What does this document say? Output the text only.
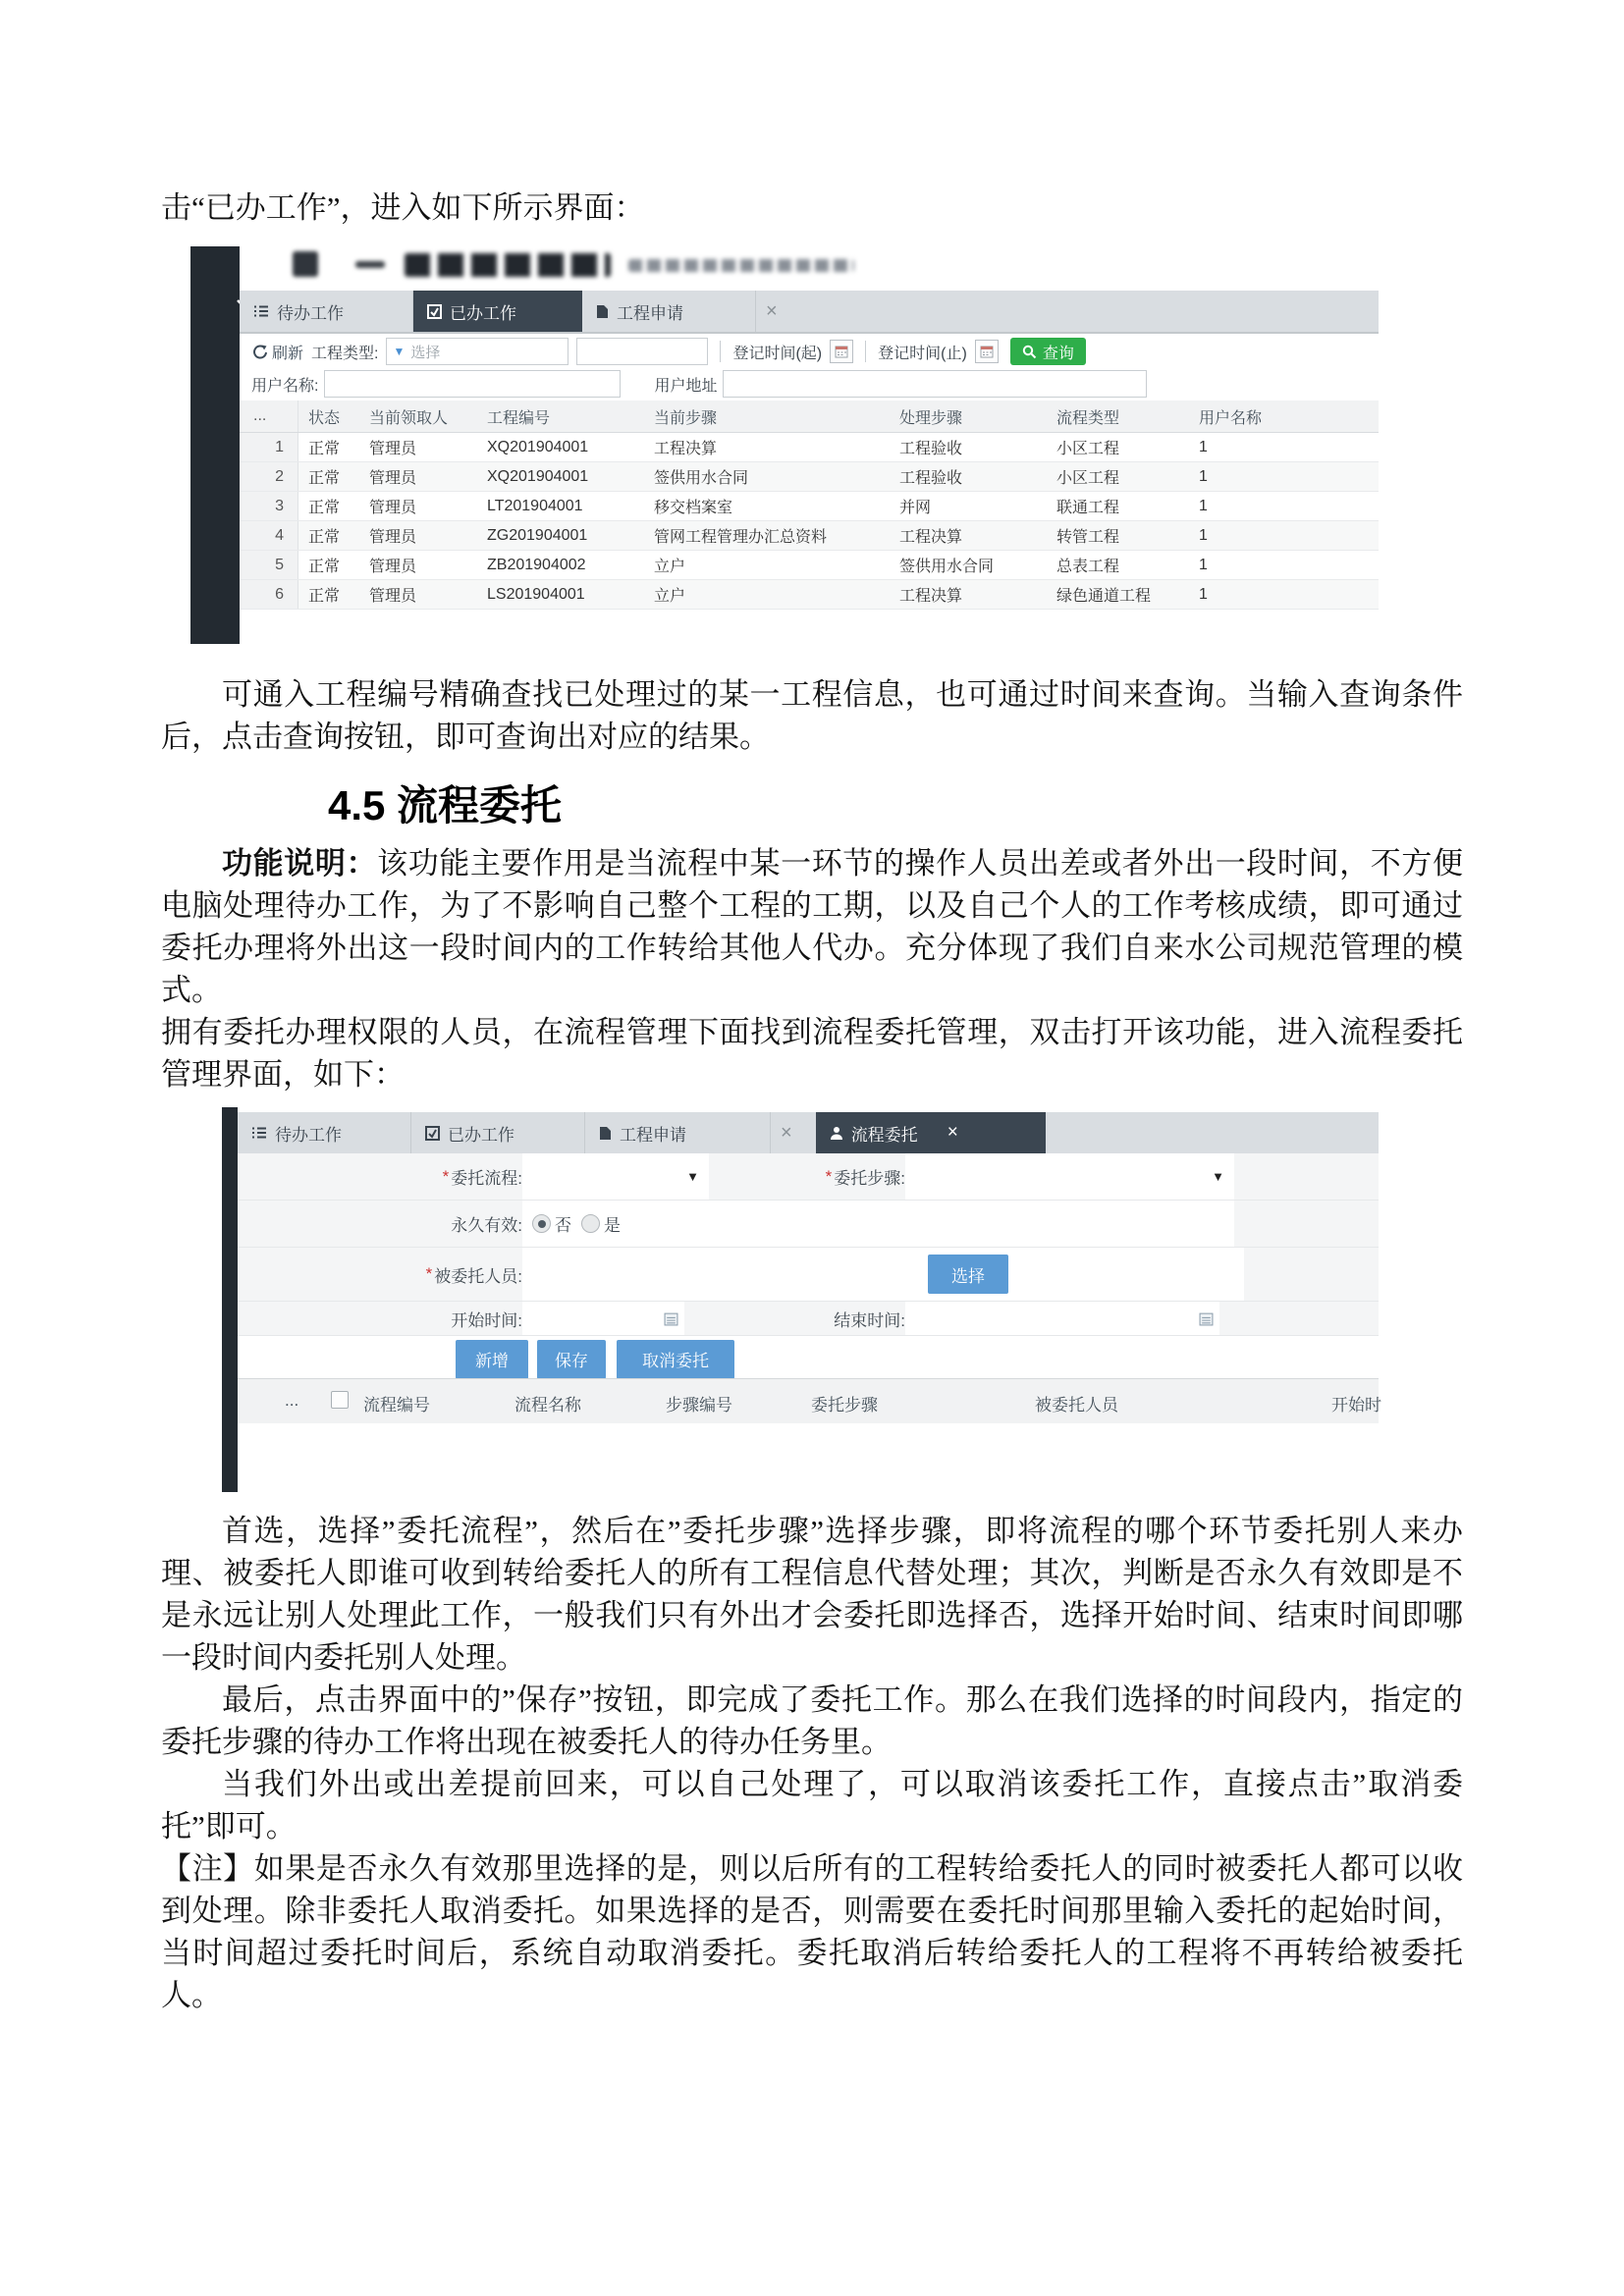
击“已办工作”，进入如下所示界面：

待办工作	已办工作	工程申请	×
刷新 工程类型: ▼ 选择	登记时间(起)	登记时间(止)	查询
用户名称:	用户地址
...	状态	当前领取人	工程编号	当前步骤	处理步骤	流程类型	用户名称
1	正常	管理员	XQ201904001	工程决算	工程验收	小区工程	1
2	正常	管理员	XQ201904001	签供用水合同	工程验收	小区工程	1
3	正常	管理员	LT201904001	移交档案室	并网	联通工程	1
4	正常	管理员	ZG201904001	管网工程管理办汇总资料	工程决算	转管工程	1
5	正常	管理员	ZB201904002	立户	签供用水合同	总表工程	1
6	正常	管理员	LS201904001	立户	工程决算	绿色通道工程	1

可通入工程编号精确查找已处理过的某一工程信息，也可通过时间来查询。当输入查询条件后，点击查询按钮，即可查询出对应的结果。

4.5 流程委托

功能说明：该功能主要作用是当流程中某一环节的操作人员出差或者外出一段时间，不方便电脑处理待办工作，为了不影响自己整个工程的工期，以及自己个人的工作考核成绩，即可通过委托办理将外出这一段时间内的工作转给其他人代办。充分体现了我们自来水公司规范管理的模式。

拥有委托办理权限的人员，在流程管理下面找到流程委托管理，双击打开该功能，进入流程委托管理界面，如下：

待办工作	已办工作	工程申请	×	流程委托 ×
* 委托流程:	▼	* 委托步骤:	▼
永久有效: 否 是
* 被委托人员:	选择
开始时间:	结束时间:
新增	保存	取消委托
...	流程编号	流程名称	步骤编号	委托步骤	被委托人员	开始时

首选，选择”委托流程”，然后在”委托步骤”选择步骤，即将流程的哪个环节委托别人来办理、被委托人即谁可收到转给委托人的所有工程信息代替处理；其次，判断是否永久有效即是不是永远让别人处理此工作，一般我们只有外出才会委托即选择否，选择开始时间、结束时间即哪一段时间内委托别人处理。

最后，点击界面中的”保存”按钮，即完成了委托工作。那么在我们选择的时间段内，指定的委托步骤的待办工作将出现在被委托人的待办任务里。

当我们外出或出差提前回来，可以自己处理了，可以取消该委托工作，直接点击”取消委托”即可。

【注】如果是否永久有效那里选择的是，则以后所有的工程转给委托人的同时被委托人都可以收到处理。除非委托人取消委托。如果选择的是否，则需要在委托时间那里输入委托的起始时间，当时间超过委托时间后，系统自动取消委托。委托取消后转给委托人的工程将不再转给被委托人。
